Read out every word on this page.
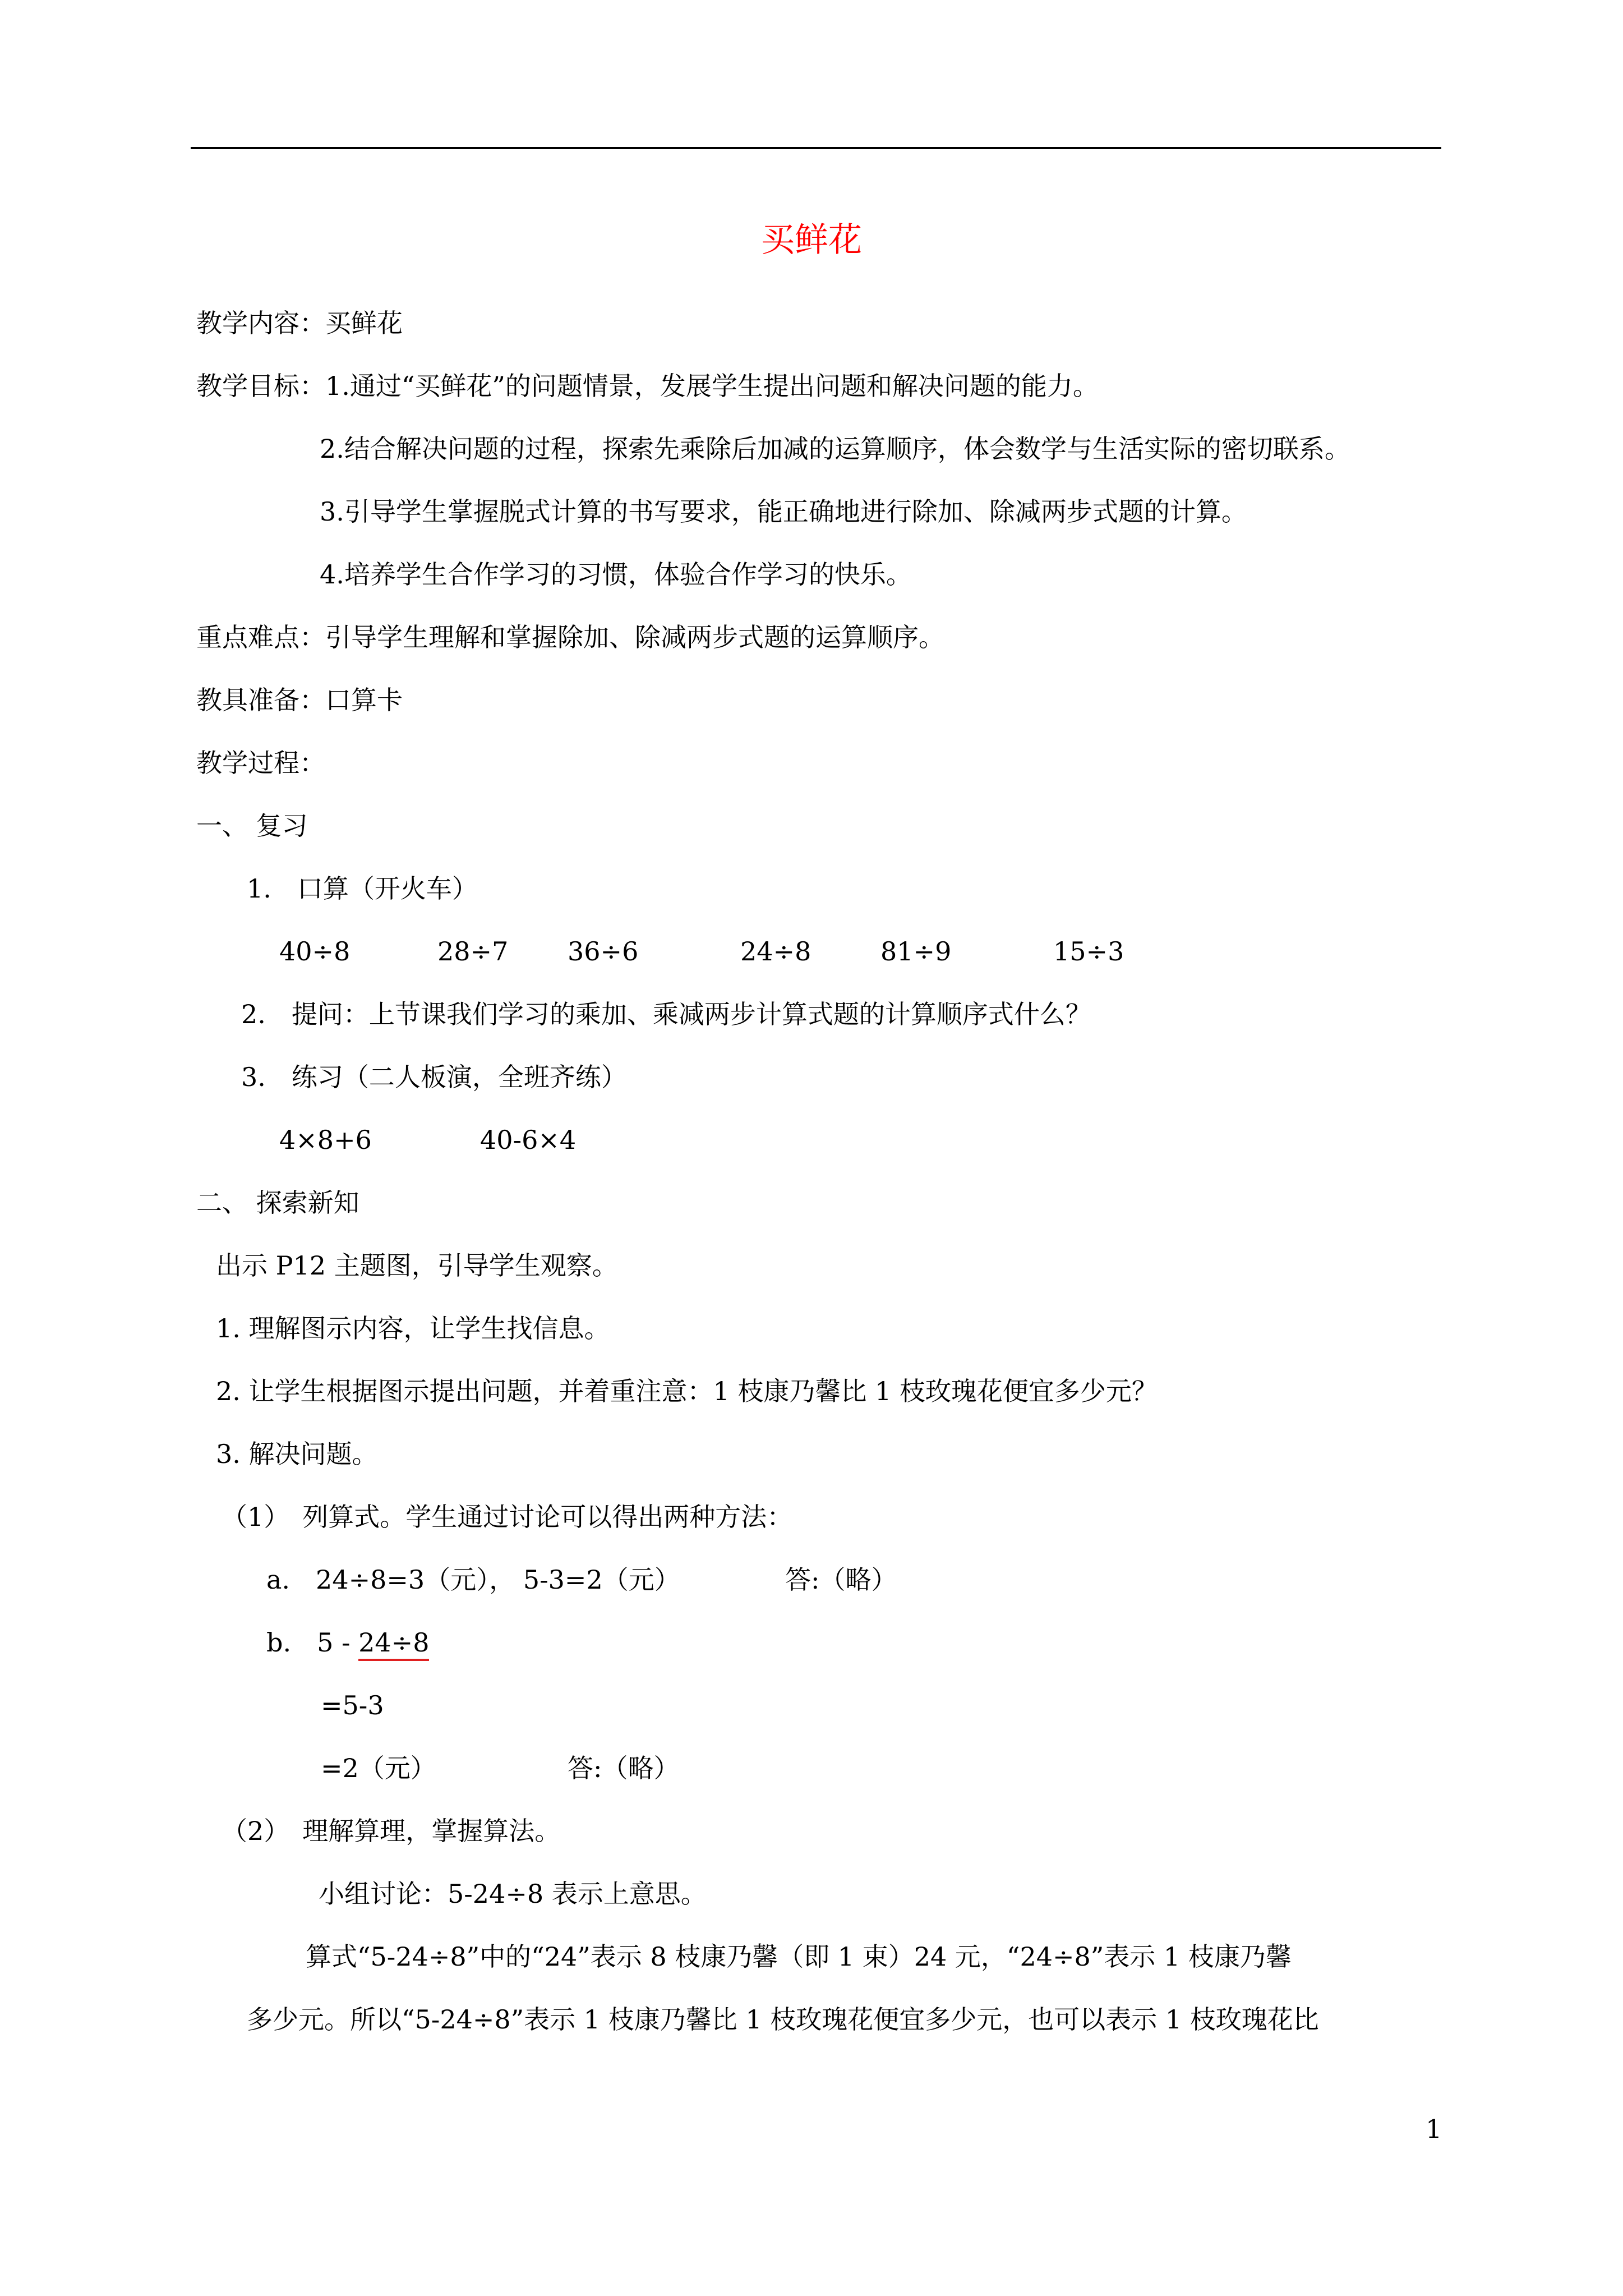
买鲜花
教学内容：买鲜花
教学目标：1.通过“买鲜花”的问题情景，发展学生提出问题和解决问题的能力。
2.结合解决问题的过程，探索先乘除后加减的运算顺序，体会数学与生活实际的密切联系。
3.引导学生掌握脱式计算的书写要求，能正确地进行除加、除减两步式题的计算。
4.培养学生合作学习的习惯，体验合作学习的快乐。
重点难点：引导学生理解和掌握除加、除减两步式题的运算顺序。
教具准备：口算卡
教学过程：
一、 复习
1.　口算（开火车）
40÷8	28÷7 36÷6	24÷8	81÷9	15÷3
2.　提问：上节课我们学习的乘加、乘减两步计算式题的计算顺序式什么？
3.　练习（二人板演，全班齐练）
4×8+6	40-6×4
二、 探索新知
出示 P12 主题图，引导学生观察。
1. 理解图示内容，让学生找信息。
2. 让学生根据图示提出问题，并着重注意：1 枝康乃馨比 1 枝玫瑰花便宜多少元？
3. 解决问题。
（1）　列算式。学生通过讨论可以得出两种方法：
a.　24÷8=3（元）， 5-3=2（元）	答:（略）
b.　5 - 24÷8
=5-3
=2（元）	答:（略）
（2）　理解算理，掌握算法。
小组讨论：5-24÷8 表示上意思。
算式“5-24÷8”中的“24”表示 8 枝康乃馨（即 1 束）24 元，“24÷8”表示 1 枝康乃馨
多少元。所以“5-24÷8”表示 1 枝康乃馨比 1 枝玫瑰花便宜多少元，也可以表示 1 枝玫瑰花比
1
